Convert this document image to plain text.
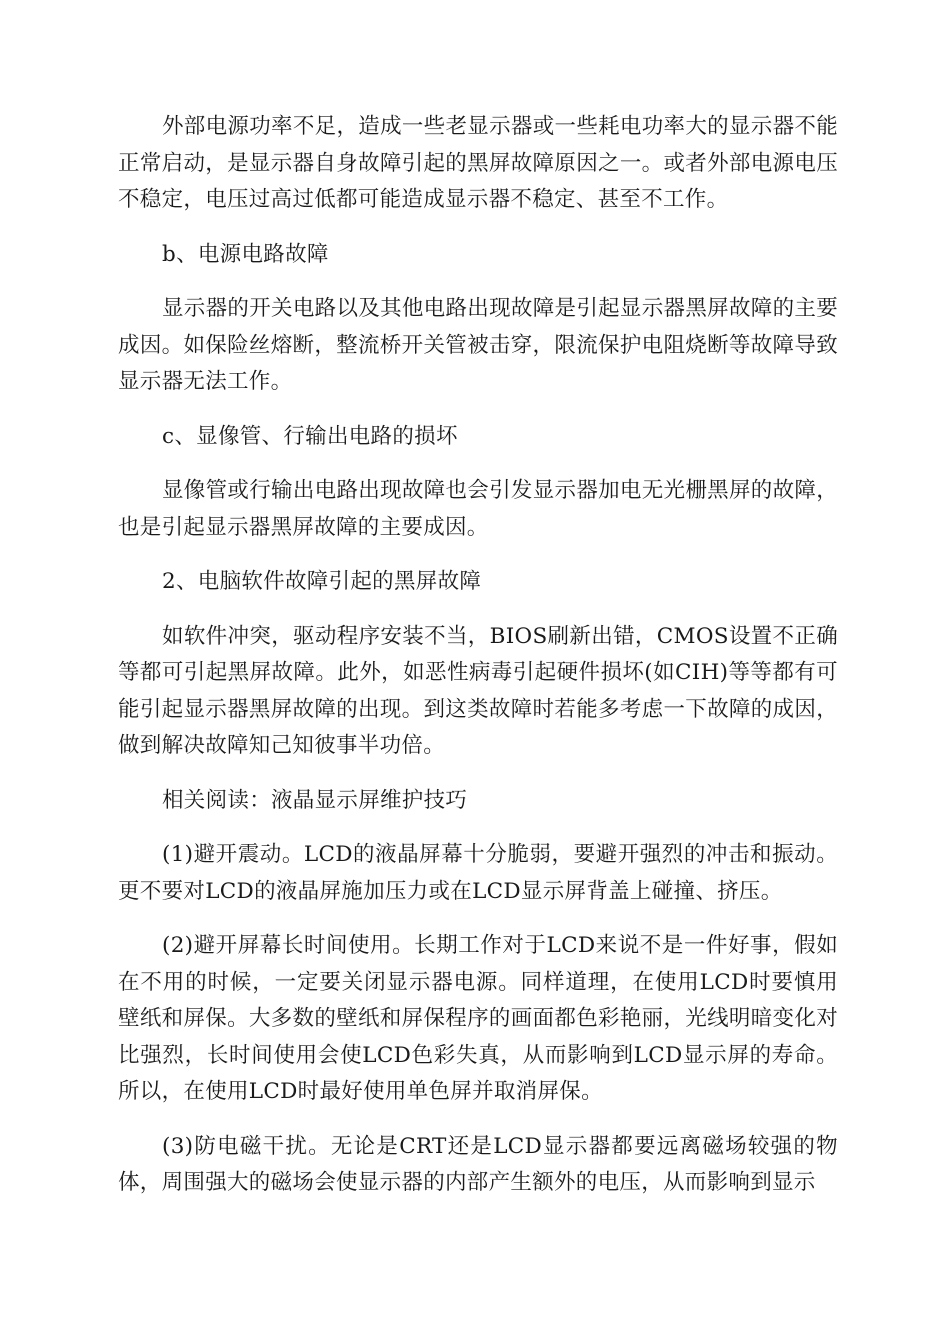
外部电源功率不足，造成一些老显示器或一些耗电功率大的显示器不能正常启动，是显示器自身故障引起的黑屏故障原因之一。或者外部电源电压不稳定，电压过高过低都可能造成显示器不稳定、甚至不工作。

b、电源电路故障

显示器的开关电路以及其他电路出现故障是引起显示器黑屏故障的主要成因。如保险丝熔断，整流桥开关管被击穿，限流保护电阻烧断等故障导致显示器无法工作。

c、显像管、行输出电路的损坏

显像管或行输出电路出现故障也会引发显示器加电无光栅黑屏的故障，也是引起显示器黑屏故障的主要成因。

2、电脑软件故障引起的黑屏故障

如软件冲突，驱动程序安装不当，BIOS刷新出错，CMOS设置不正确等都可引起黑屏故障。此外，如恶性病毒引起硬件损坏(如CIH)等等都有可能引起显示器黑屏故障的出现。到这类故障时若能多考虑一下故障的成因，做到解决故障知己知彼事半功倍。

相关阅读：液晶显示屏维护技巧

(1)避开震动。LCD的液晶屏幕十分脆弱，要避开强烈的冲击和振动。更不要对LCD的液晶屏施加压力或在LCD显示屏背盖上碰撞、挤压。

(2)避开屏幕长时间使用。长期工作对于LCD来说不是一件好事，假如在不用的时候，一定要关闭显示器电源。同样道理，在使用LCD时要慎用壁纸和屏保。大多数的壁纸和屏保程序的画面都色彩艳丽，光线明暗变化对比强烈，长时间使用会使LCD色彩失真，从而影响到LCD显示屏的寿命。所以，在使用LCD时最好使用单色屏并取消屏保。

(3)防电磁干扰。无论是CRT还是LCD显示器都要远离磁场较强的物体，周围强大的磁场会使显示器的内部产生额外的电压，从而影响到显示
